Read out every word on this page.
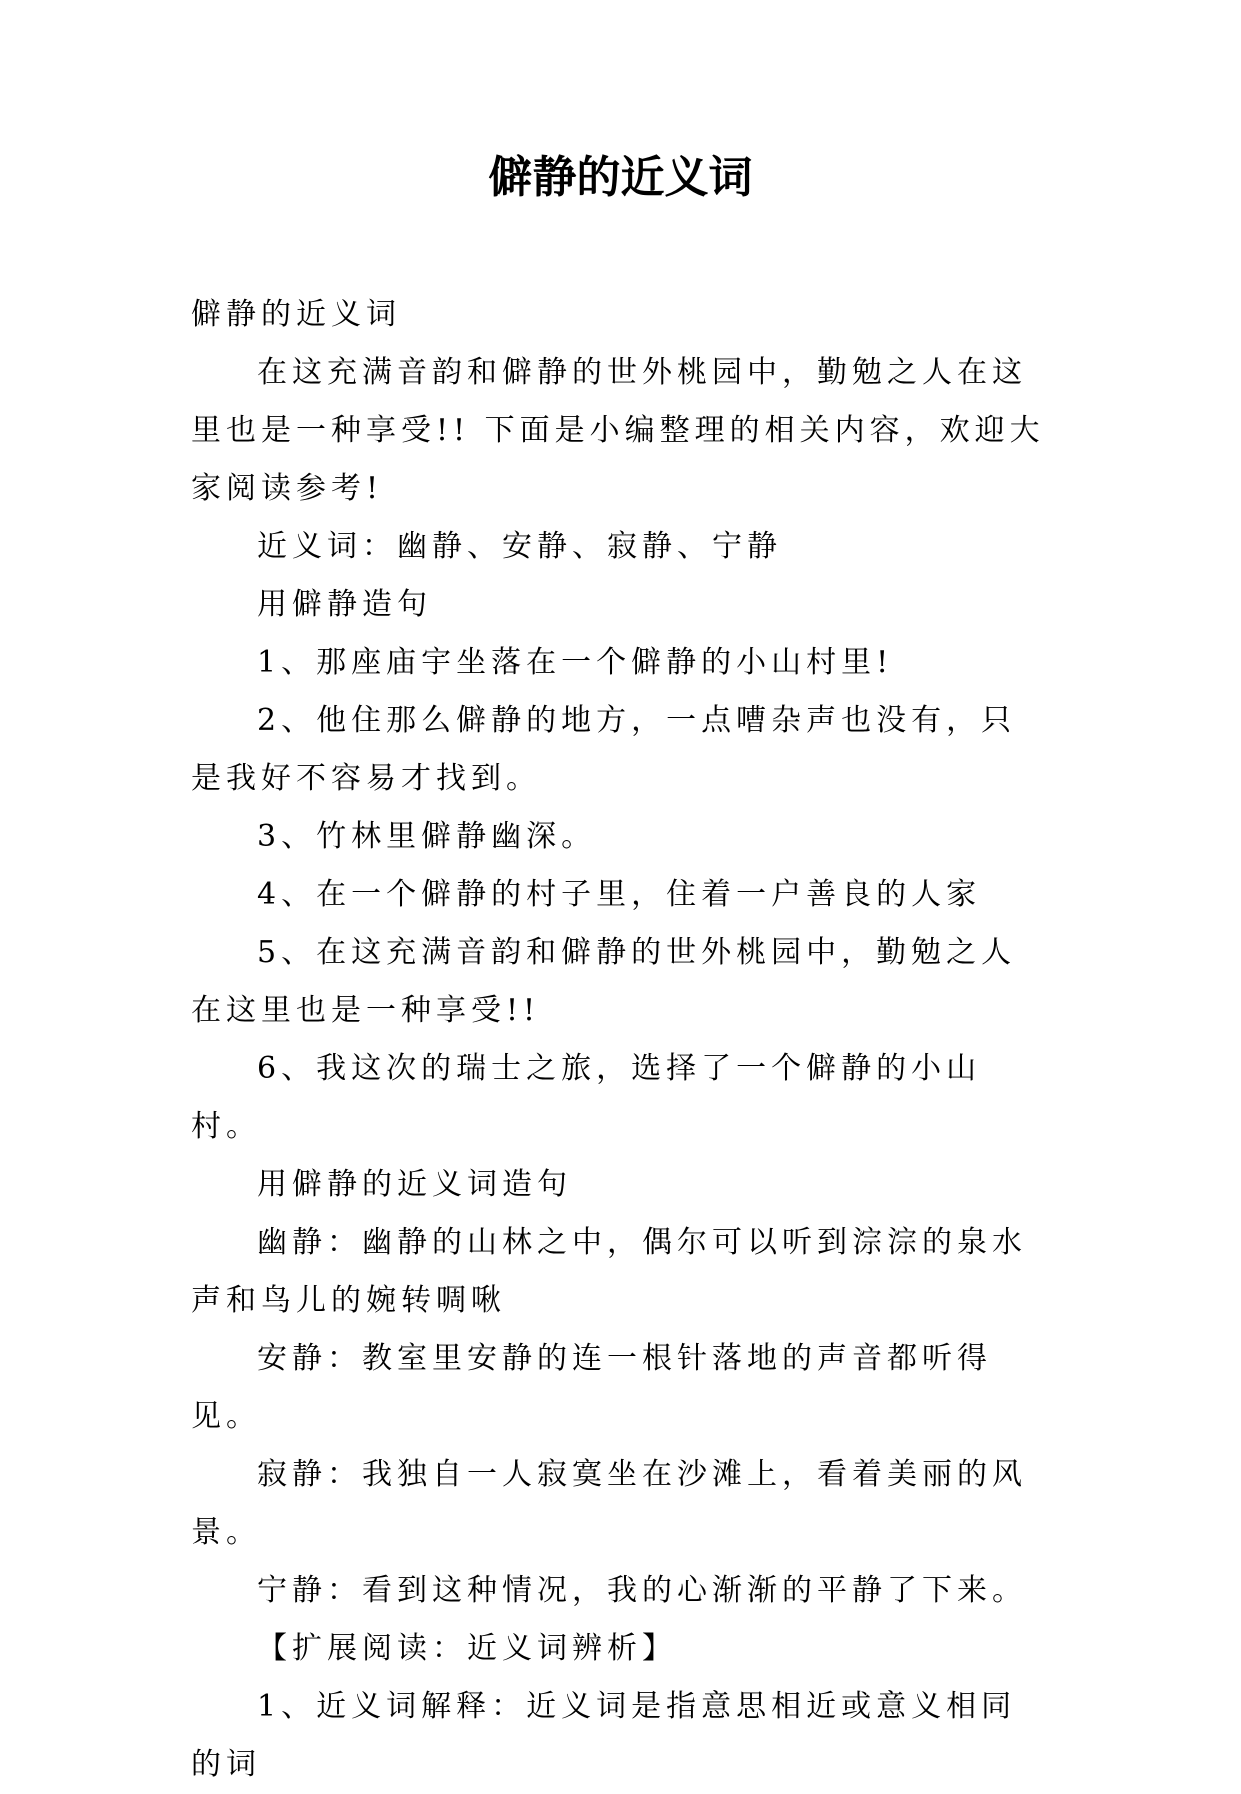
僻静的近义词

僻静的近义词

在这充满音韵和僻静的世外桃园中，勤勉之人在这里也是一种享受!! 下面是小编整理的相关内容，欢迎大家阅读参考!

近义词：幽静、安静、寂静、宁静

用僻静造句

1、那座庙宇坐落在一个僻静的小山村里!

2、他住那么僻静的地方，一点嘈杂声也没有，只是我好不容易才找到。

3、竹林里僻静幽深。

4、在一个僻静的村子里，住着一户善良的人家

5、在这充满音韵和僻静的世外桃园中，勤勉之人在这里也是一种享受!!

6、我这次的瑞士之旅，选择了一个僻静的小山村。

用僻静的近义词造句

幽静：幽静的山林之中，偶尔可以听到淙淙的泉水声和鸟儿的婉转啁啾

安静：教室里安静的连一根针落地的声音都听得见。

寂静：我独自一人寂寞坐在沙滩上，看着美丽的风景。

宁静：看到这种情况，我的心渐渐的平静了下来。

【扩展阅读：近义词辨析】

1、近义词解释：近义词是指意思相近或意义相同的词
